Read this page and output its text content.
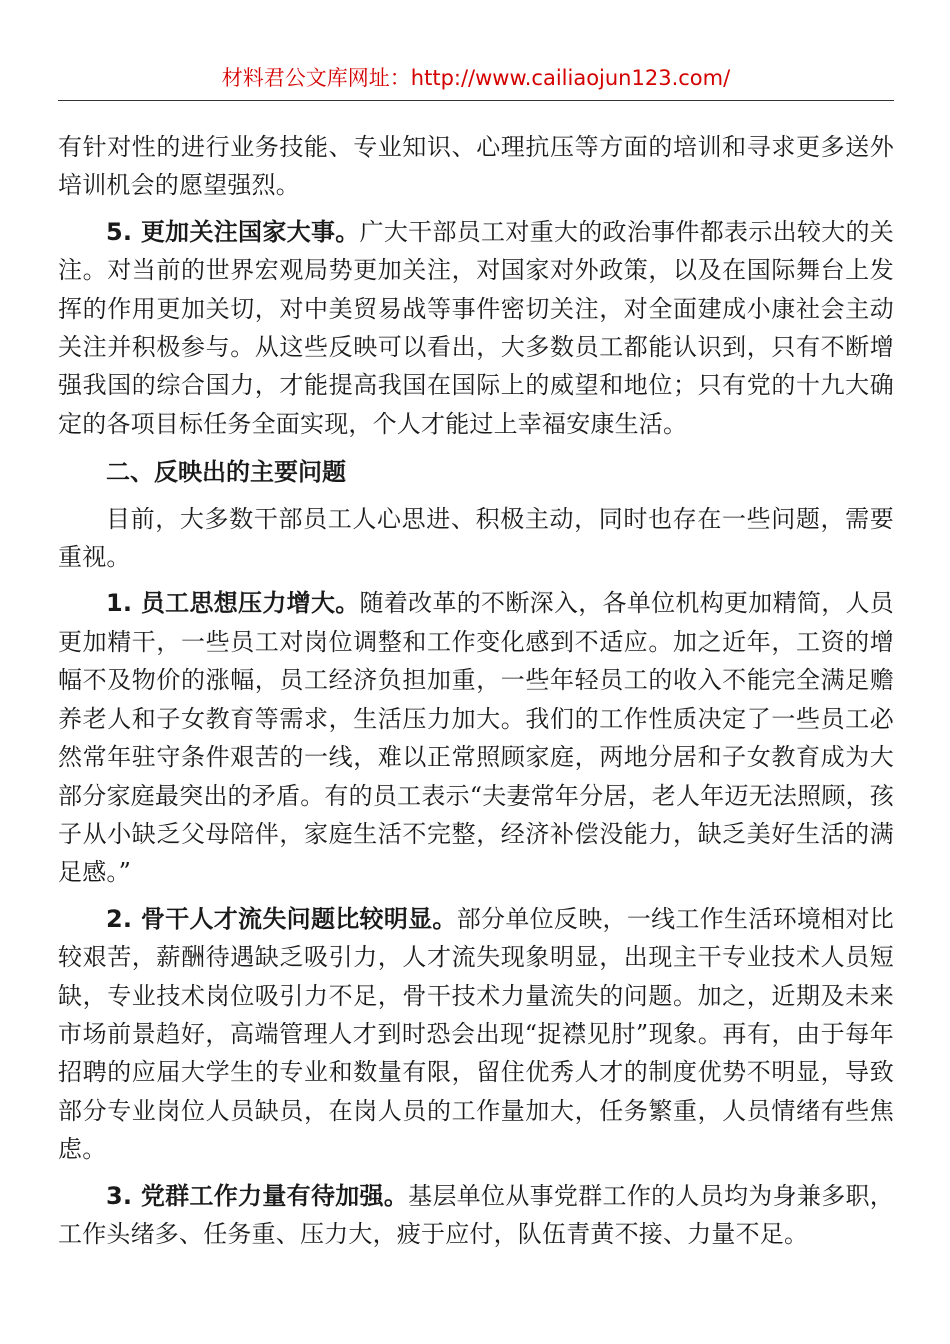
材料君公文库网址：http://www.cailiaojun123.com/

有针对性的进行业务技能、专业知识、心理抗压等方面的培训和寻求更多送外培训机会的愿望强烈。

5. 更加关注国家大事。广大干部员工对重大的政治事件都表示出较大的关注。对当前的世界宏观局势更加关注，对国家对外政策，以及在国际舞台上发挥的作用更加关切，对中美贸易战等事件密切关注，对全面建成小康社会主动关注并积极参与。从这些反映可以看出，大多数员工都能认识到，只有不断增强我国的综合国力，才能提高我国在国际上的威望和地位；只有党的十九大确定的各项目标任务全面实现，个人才能过上幸福安康生活。

二、反映出的主要问题

目前，大多数干部员工人心思进、积极主动，同时也存在一些问题，需要重视。

1. 员工思想压力增大。随着改革的不断深入，各单位机构更加精简，人员更加精干，一些员工对岗位调整和工作变化感到不适应。加之近年，工资的增幅不及物价的涨幅，员工经济负担加重，一些年轻员工的收入不能完全满足赡养老人和子女教育等需求，生活压力加大。我们的工作性质决定了一些员工必然常年驻守条件艰苦的一线，难以正常照顾家庭，两地分居和子女教育成为大部分家庭最突出的矛盾。有的员工表示“夫妻常年分居，老人年迈无法照顾，孩子从小缺乏父母陪伴，家庭生活不完整，经济补偿没能力，缺乏美好生活的满足感。”

2. 骨干人才流失问题比较明显。部分单位反映，一线工作生活环境相对比较艰苦，薪酬待遇缺乏吸引力，人才流失现象明显，出现主干专业技术人员短缺，专业技术岗位吸引力不足，骨干技术力量流失的问题。加之，近期及未来市场前景趋好，高端管理人才到时恐会出现“捉襟见肘”现象。再有，由于每年招聘的应届大学生的专业和数量有限，留住优秀人才的制度优势不明显，导致部分专业岗位人员缺员，在岗人员的工作量加大，任务繁重，人员情绪有些焦虑。

3. 党群工作力量有待加强。基层单位从事党群工作的人员均为身兼多职，工作头绪多、任务重、压力大，疲于应付，队伍青黄不接、力量不足。
